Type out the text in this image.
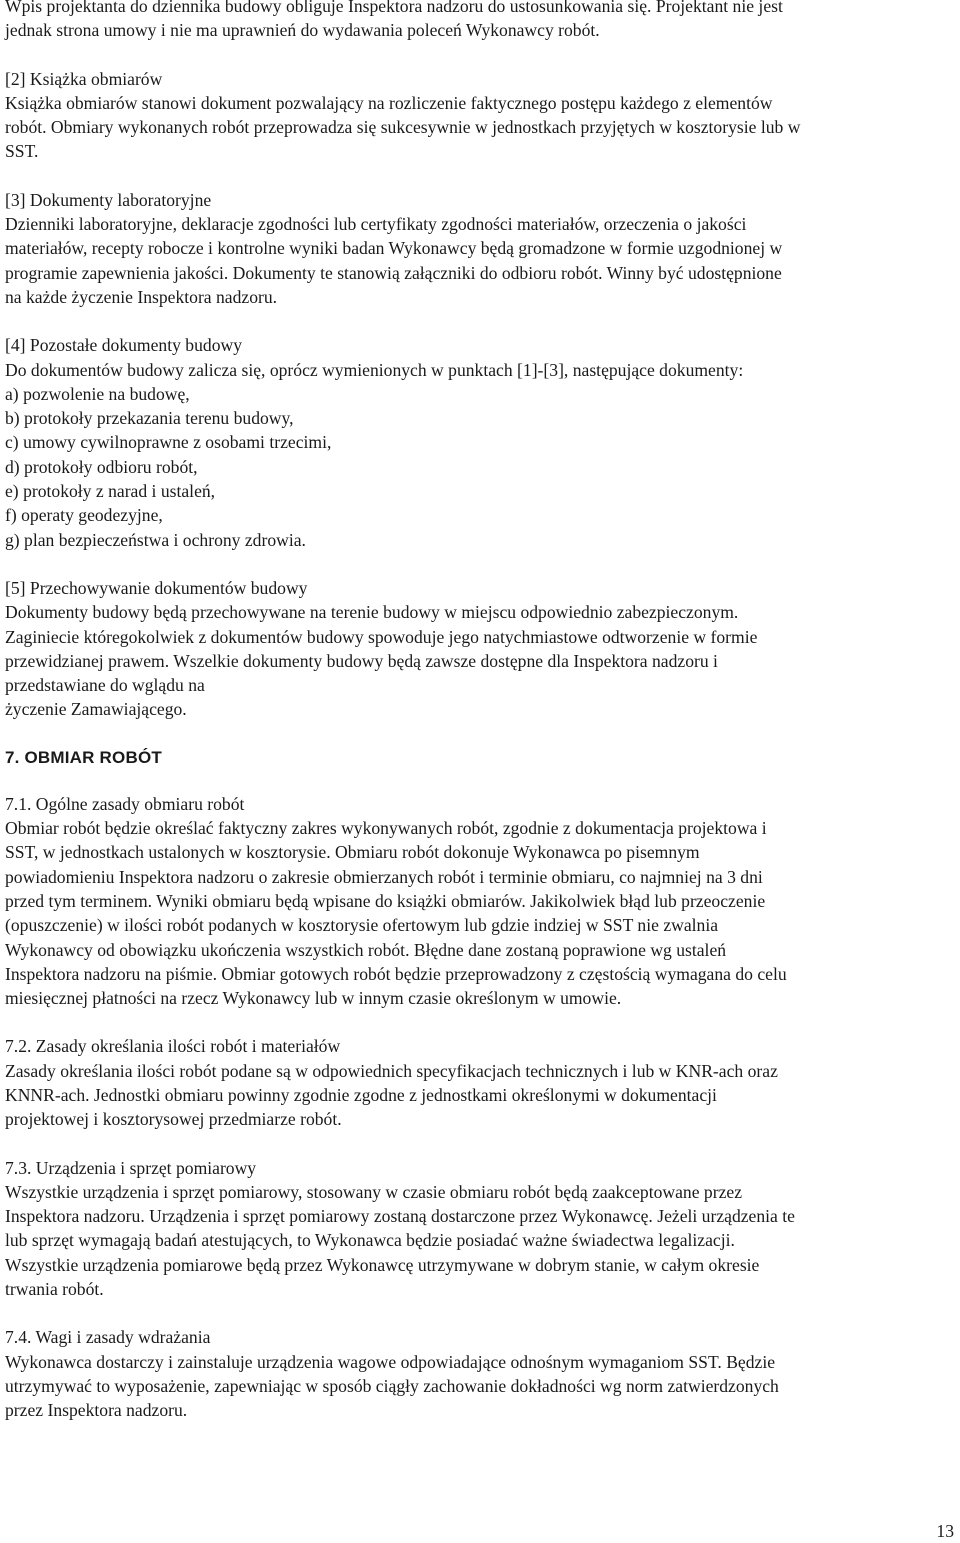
Wpis projektanta do dziennika budowy obliguje Inspektora nadzoru do ustosunkowania się. Projektant nie jest
jednak strona umowy i nie ma uprawnień do wydawania poleceń Wykonawcy robót.

[2] Książka obmiarów

Książka obmiarów stanowi dokument pozwalający na rozliczenie faktycznego postępu każdego z elementów
robót. Obmiary wykonanych robót przeprowadza się sukcesywnie w jednostkach przyjętych w kosztorysie lub w
SST.

[3] Dokumenty laboratoryjne

Dzienniki laboratoryjne, deklaracje zgodności lub certyfikaty zgodności materiałów, orzeczenia o jakości
materiałów, recepty robocze i kontrolne wyniki badan Wykonawcy będą gromadzone w formie uzgodnionej w
programie zapewnienia jakości. Dokumenty te stanowią załączniki do odbioru robót. Winny być udostępnione
na każde życzenie Inspektora nadzoru.

[4] Pozostałe dokumenty budowy

Do dokumentów budowy zalicza się, oprócz wymienionych w punktach [1]-[3], następujące dokumenty:

a) pozwolenie na budowę,

b) protokoły przekazania terenu budowy,

c) umowy cywilnoprawne z osobami trzecimi,

d) protokoły odbioru robót,

e) protokoły z narad i ustaleń,

f) operaty geodezyjne,

g) plan bezpieczeństwa i ochrony zdrowia.

[5] Przechowywanie dokumentów budowy

Dokumenty budowy będą przechowywane na terenie budowy w miejscu odpowiednio zabezpieczonym.
Zaginiecie któregokolwiek z dokumentów budowy spowoduje jego natychmiastowe odtworzenie w formie
przewidzianej prawem. Wszelkie dokumenty budowy będą zawsze dostępne dla Inspektora nadzoru i
przedstawiane do wglądu na
życzenie Zamawiającego.

7. OBMIAR ROBÓT

7.1. Ogólne zasady obmiaru robót

Obmiar robót będzie określać faktyczny zakres wykonywanych robót, zgodnie z dokumentacja projektowa i
SST, w jednostkach ustalonych w kosztorysie. Obmiaru robót dokonuje Wykonawca po pisemnym
powiadomieniu Inspektora nadzoru o zakresie obmierzanych robót i terminie obmiaru, co najmniej na 3 dni
przed tym terminem. Wyniki obmiaru będą wpisane do książki obmiarów. Jakikolwiek błąd lub przeoczenie
(opuszczenie) w ilości robót podanych w kosztorysie ofertowym lub gdzie indziej w SST nie zwalnia
Wykonawcy od obowiązku ukończenia wszystkich robót. Błędne dane zostaną poprawione wg ustaleń
Inspektora nadzoru na piśmie. Obmiar gotowych robót będzie przeprowadzony z częstością wymagana do celu
miesięcznej płatności na rzecz Wykonawcy lub w innym czasie określonym w umowie.

7.2. Zasady określania ilości robót i materiałów

Zasady określania ilości robót podane są w odpowiednich specyfikacjach technicznych i lub w KNR-ach oraz
KNNR-ach. Jednostki obmiaru powinny zgodnie zgodne z jednostkami określonymi w dokumentacji
projektowej i kosztorysowej przedmiarze robót.

7.3. Urządzenia i sprzęt pomiarowy

Wszystkie urządzenia i sprzęt pomiarowy, stosowany w czasie obmiaru robót będą zaakceptowane przez
Inspektora nadzoru. Urządzenia i sprzęt pomiarowy zostaną dostarczone przez Wykonawcę. Jeżeli urządzenia te
lub sprzęt wymagają badań atestujących, to Wykonawca będzie posiadać ważne świadectwa legalizacji.
Wszystkie urządzenia pomiarowe będą przez Wykonawcę utrzymywane w dobrym stanie, w całym okresie
trwania robót.

7.4. Wagi i zasady wdrażania

Wykonawca dostarczy i zainstaluje urządzenia wagowe odpowiadające odnośnym wymaganiom SST. Będzie
utrzymywać to wyposażenie, zapewniając w sposób ciągły zachowanie dokładności wg norm zatwierdzonych
przez Inspektora nadzoru.

13
